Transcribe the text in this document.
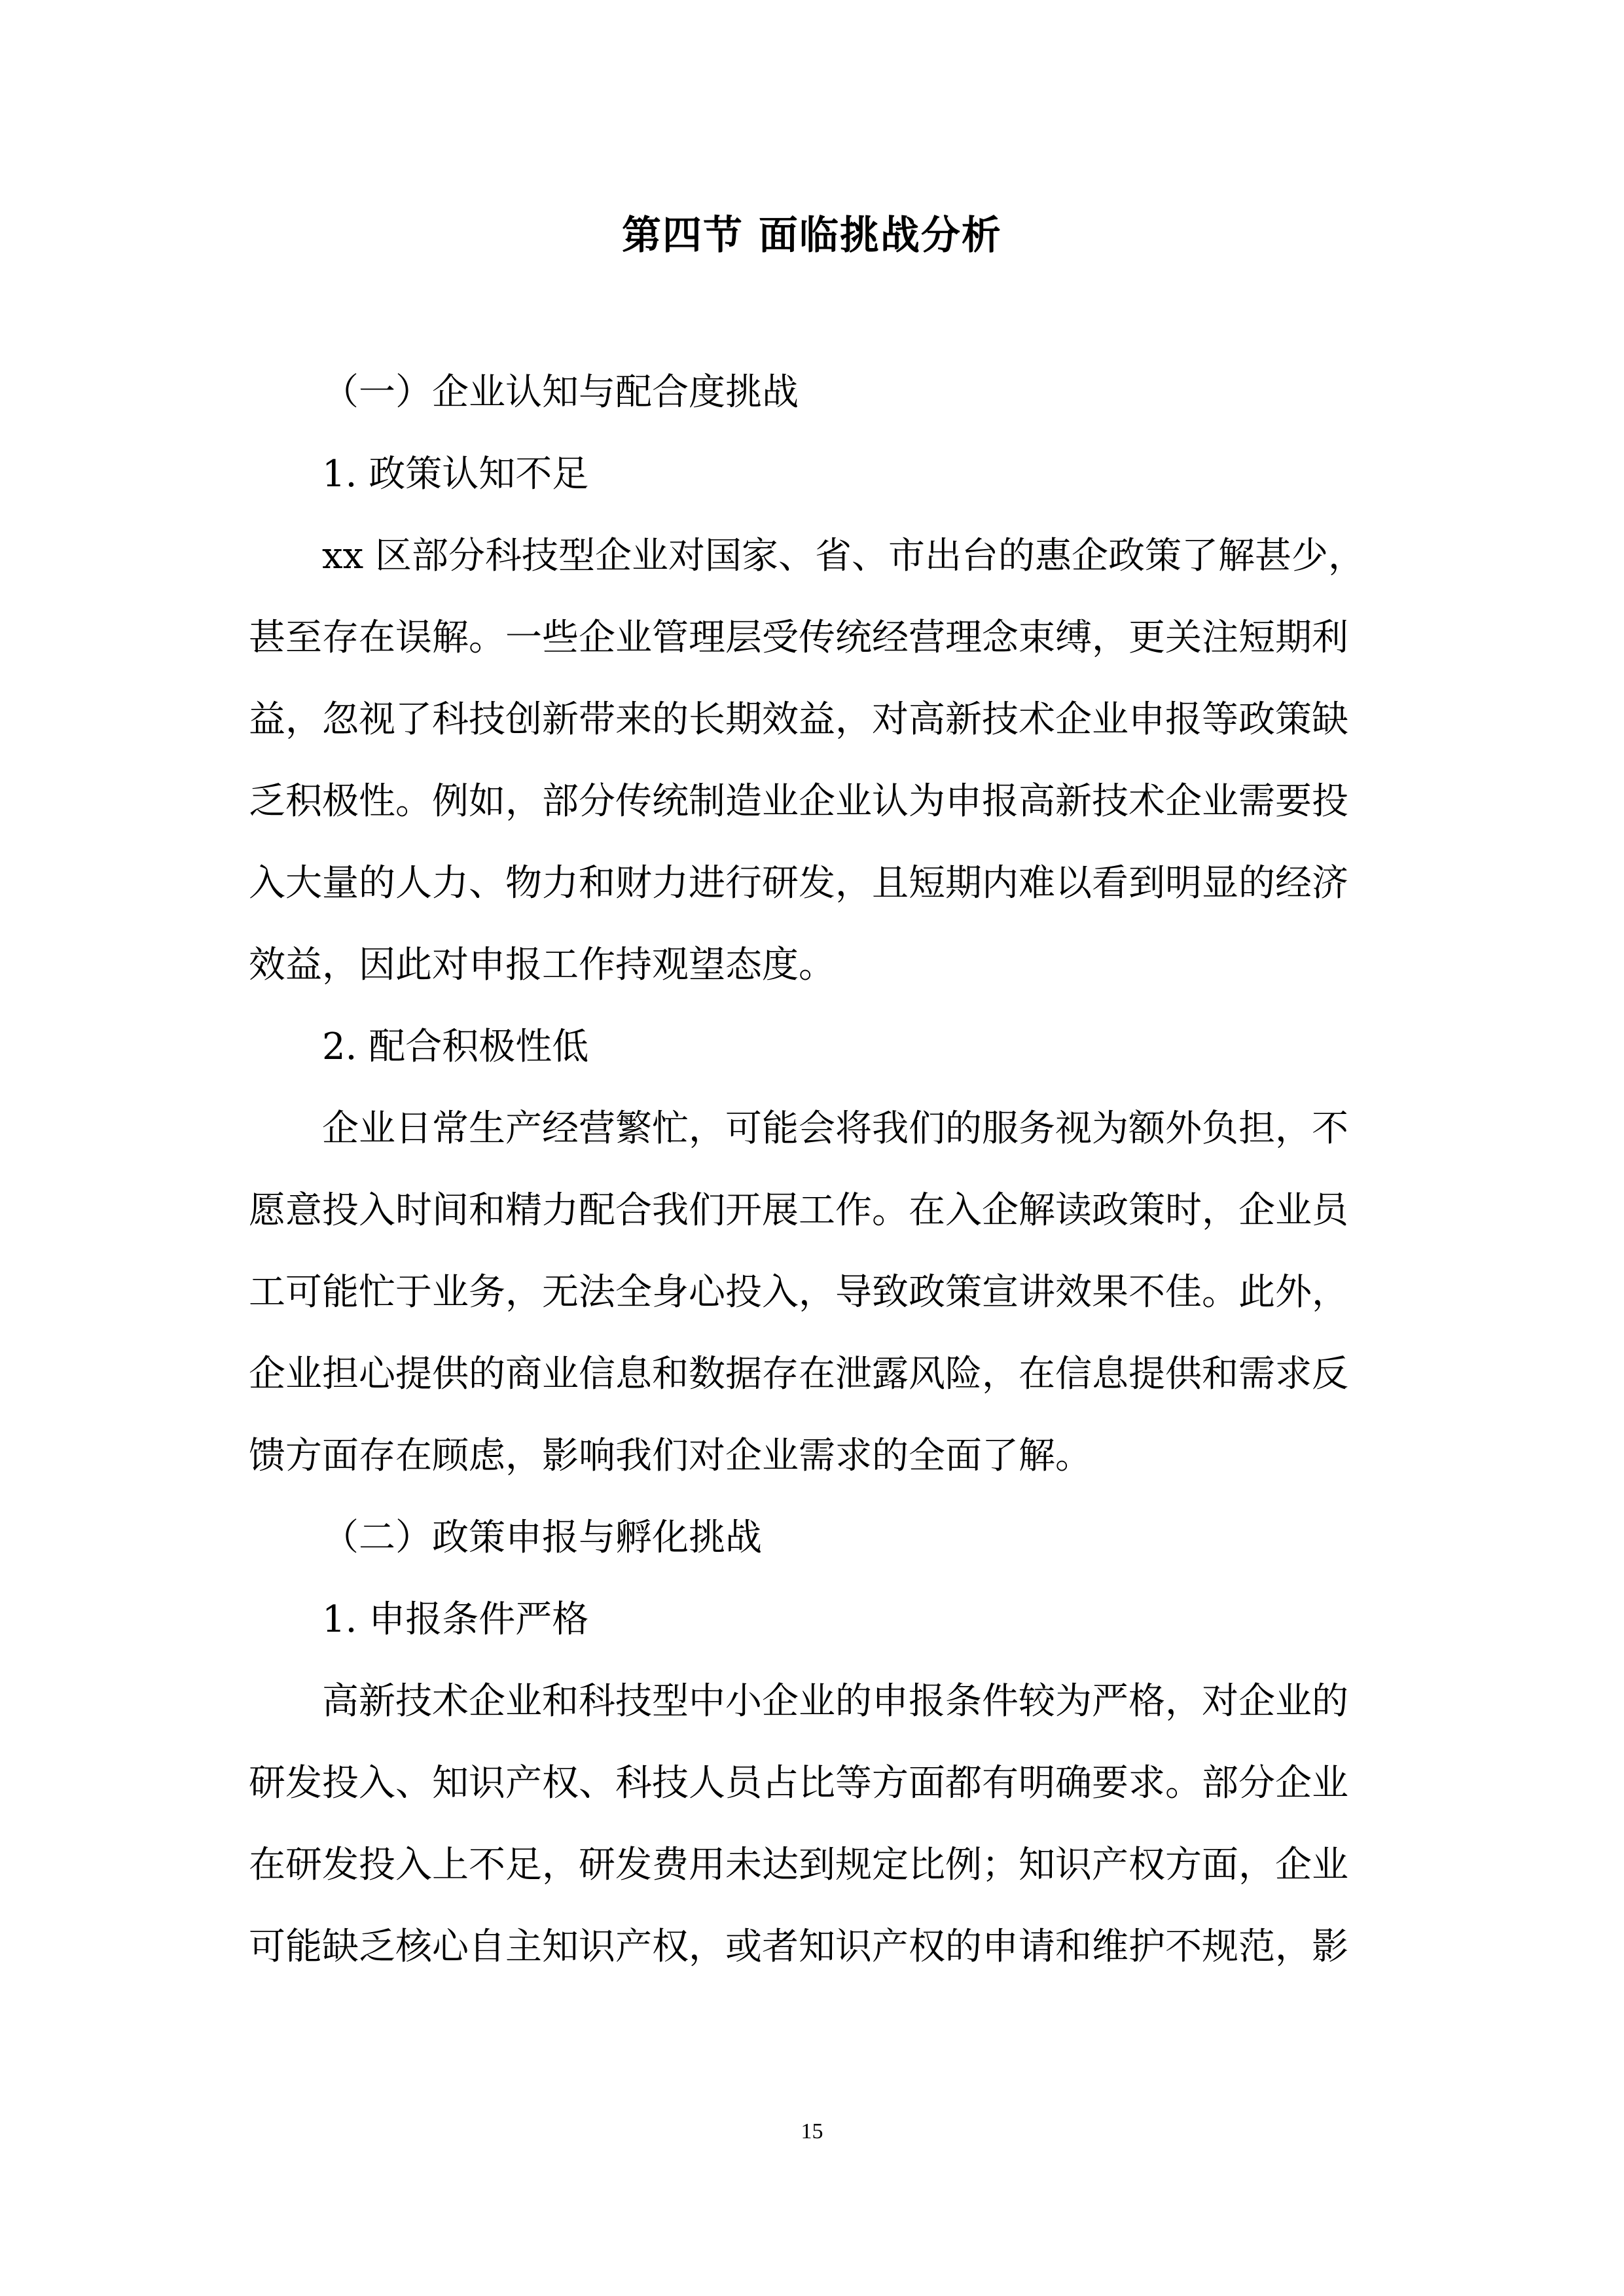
第四节 面临挑战分析
（一）企业认知与配合度挑战
1. 政策认知不足
xx 区部分科技型企业对国家、省、市出台的惠企政策了解甚少，
甚至存在误解。一些企业管理层受传统经营理念束缚，更关注短期利
益，忽视了科技创新带来的长期效益，对高新技术企业申报等政策缺
乏积极性。例如，部分传统制造业企业认为申报高新技术企业需要投
入大量的人力、物力和财力进行研发，且短期内难以看到明显的经济
效益，因此对申报工作持观望态度。
2. 配合积极性低
企业日常生产经营繁忙，可能会将我们的服务视为额外负担，不
愿意投入时间和精力配合我们开展工作。在入企解读政策时，企业员
工可能忙于业务，无法全身心投入，导致政策宣讲效果不佳。此外，
企业担心提供的商业信息和数据存在泄露风险，在信息提供和需求反
馈方面存在顾虑，影响我们对企业需求的全面了解。
（二）政策申报与孵化挑战
1. 申报条件严格
高新技术企业和科技型中小企业的申报条件较为严格，对企业的
研发投入、知识产权、科技人员占比等方面都有明确要求。部分企业
在研发投入上不足，研发费用未达到规定比例；知识产权方面，企业
可能缺乏核心自主知识产权，或者知识产权的申请和维护不规范，影
15
